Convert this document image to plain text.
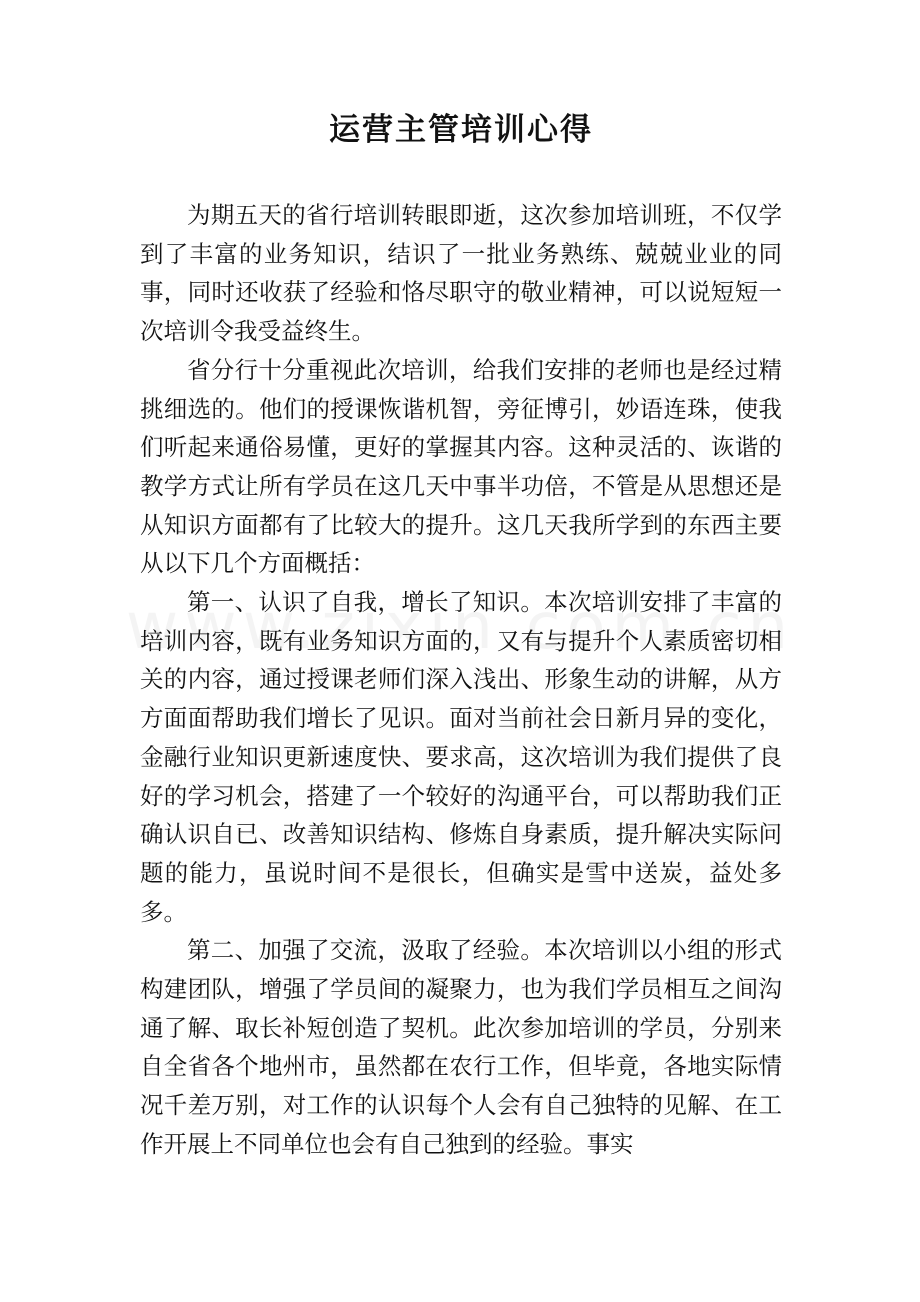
运营主管培训心得

为期五天的省行培训转眼即逝，这次参加培训班，不仅学到了丰富的业务知识，结识了一批业务熟练、兢兢业业的同事，同时还收获了经验和恪尽职守的敬业精神，可以说短短一次培训令我受益终生。

省分行十分重视此次培训，给我们安排的老师也是经过精挑细选的。他们的授课恢谐机智，旁征博引，妙语连珠，使我们听起来通俗易懂，更好的掌握其内容。这种灵活的、诙谐的教学方式让所有学员在这几天中事半功倍，不管是从思想还是从知识方面都有了比较大的提升。这几天我所学到的东西主要从以下几个方面概括：

第一、认识了自我，增长了知识。本次培训安排了丰富的培训内容，既有业务知识方面的，又有与提升个人素质密切相关的内容，通过授课老师们深入浅出、形象生动的讲解，从方方面面帮助我们增长了见识。面对当前社会日新月异的变化，金融行业知识更新速度快、要求高，这次培训为我们提供了良好的学习机会，搭建了一个较好的沟通平台，可以帮助我们正确认识自已、改善知识结构、修炼自身素质，提升解决实际问题的能力，虽说时间不是很长，但确实是雪中送炭，益处多多。

第二、加强了交流，汲取了经验。本次培训以小组的形式构建团队，增强了学员间的凝聚力，也为我们学员相互之间沟通了解、取长补短创造了契机。此次参加培训的学员，分别来自全省各个地州市，虽然都在农行工作，但毕竟，各地实际情况千差万别，对工作的认识每个人会有自己独特的见解、在工作开展上不同单位也会有自己独到的经验。事实
